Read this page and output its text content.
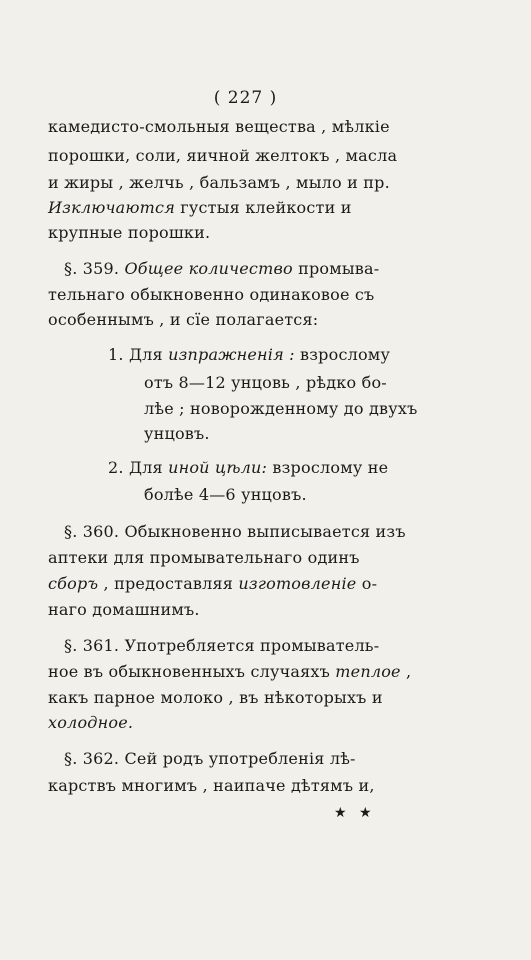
( 227 )
камедисто-смольныя вещества , мѣлкіе
порошки, соли, яичной желтокъ , масла
и жиры , желчь , бальзамъ , мыло и пр.
Изключаются густыя клейкости и
крупные порошки.
§. 359. Общее количество промыва-
тельнаго обыкновенно одинаковое съ
особеннымъ , и сїе полагается:
1. Для изпражненія : взрослому
отъ 8—12 унцовь , рѣдко бо-
лѣе ; новорожденному до двухъ
унцовъ.
2. Для иной цѣли: взрослому не
болѣе 4—6 унцовъ.
§. 360. Обыкновенно выписывается изъ
аптеки для промывательнаго одинъ
сборъ , предоставляя изготовленіе о-
наго домашнимъ.
§. 361. Употребляется промыватель-
ное въ обыкновенныхъ случаяхъ теплое ,
какъ парное молоко , въ нѣкоторыхъ и
холодное.
§. 362. Сей родъ употребленія лѣ-
карствъ многимъ , наипаче дѣтямъ и,
★ ★
